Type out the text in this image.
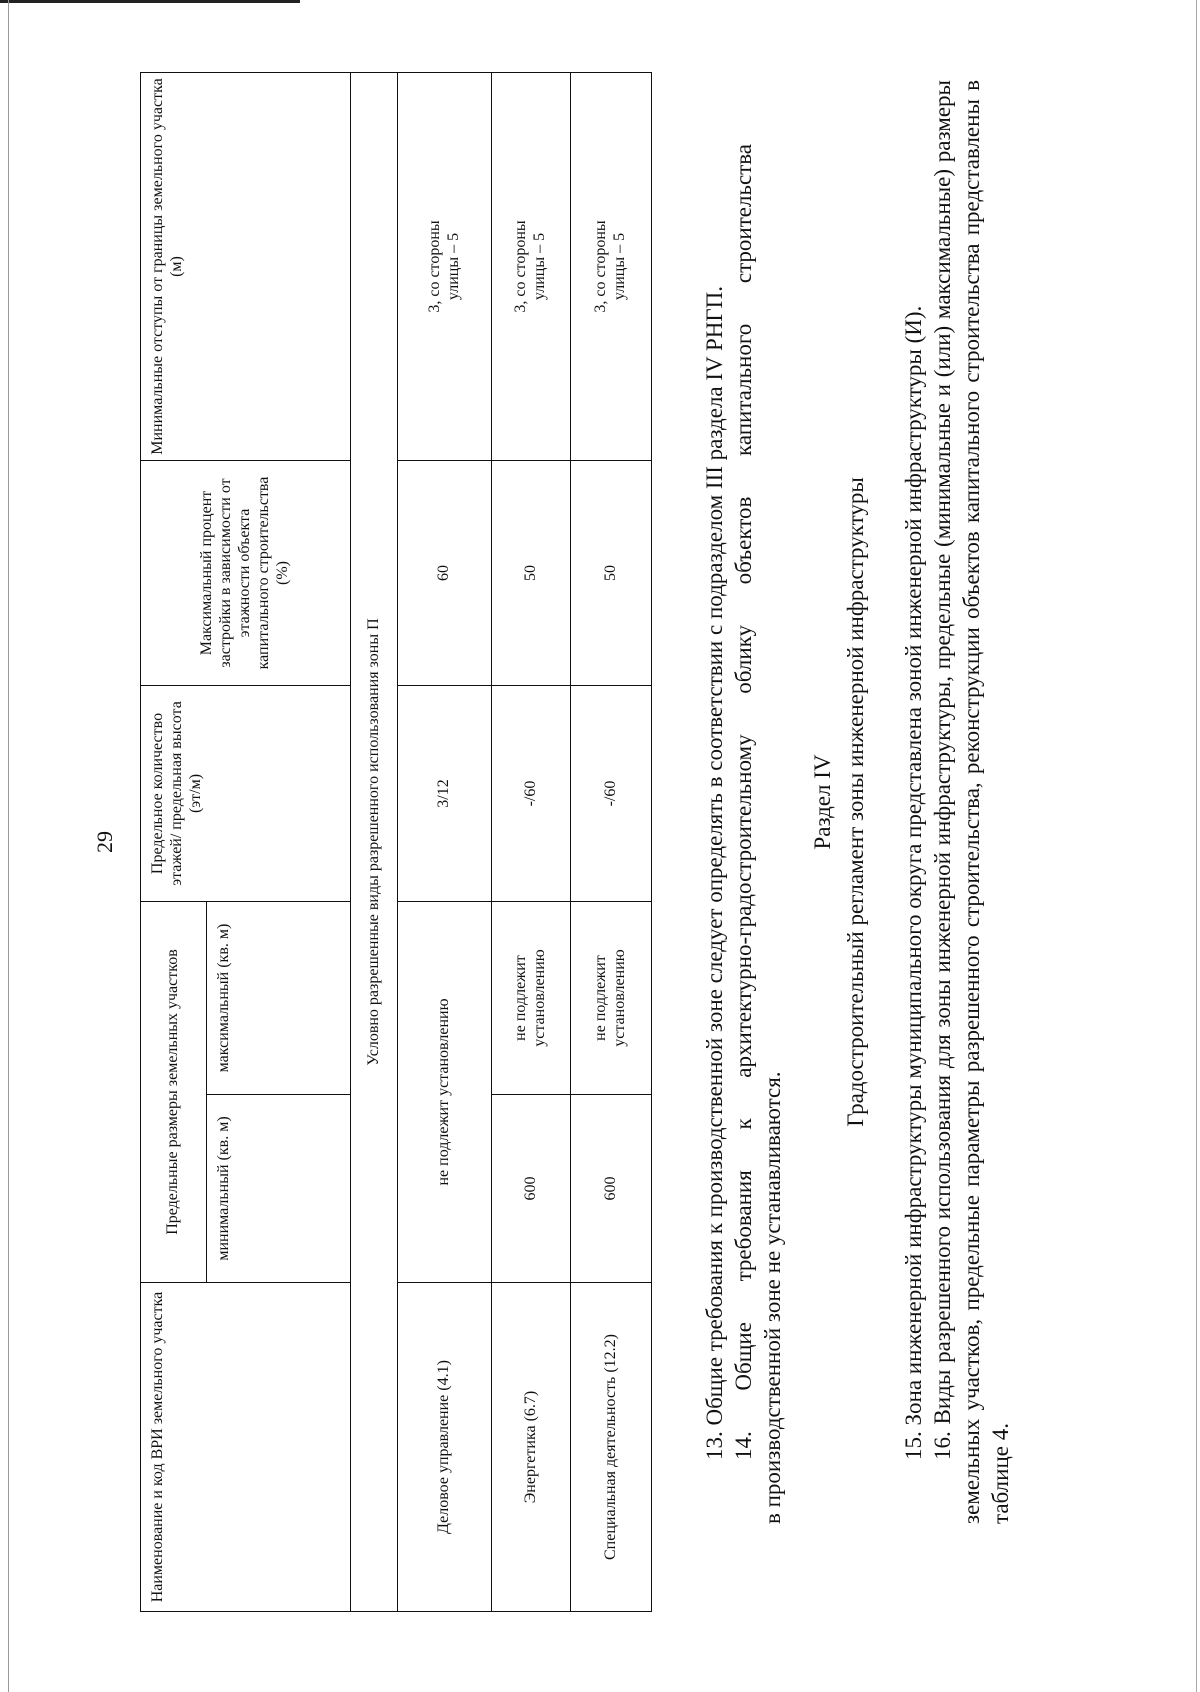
29
Наименование и код ВРИ земельного участка	Предельные размеры земельных участков		Предельное количество этажей/ предельная высота (эт/м)	Максимальный процент застройки в зависимости от этажности объекта капитального строительства (%)	Минимальные отступы от границы земельного участка (м)
	минимальный (кв. м)	максимальный (кв. м)			
Условно разрешенные виды разрешенного использования зоны П					
Деловое управление (4.1)	не подлежит установлению		3/12	60	3, со стороны улицы – 5

Энергетика (6.7)	600	не подлежит установлению	-/60	50	3, со стороны улицы – 5

Специальная деятельность (12.2)	600	не подлежит установлению	-/60	50	3, со стороны улицы – 5
13. Общие требования к производственной зоне следует определять в соответствии с подразделом III раздела IV РНГП. 14. Общие требования к архитектурно-градостроительному облику объектов капитального строительства в производственной зоне не устанавливаются.
Раздел IV Градостроительный регламент зоны инженерной инфраструктуры 15. Зона инженерной инфраструктуры муниципального округа представлена зоной инженерной инфраструктуры (И). 16. Виды разрешенного использования для зоны инженерной инфраструктуры, предельные (минимальные и (или) максимальные) размеры земельных участков, предельные параметры разрешенного строительства, реконструкции объектов капитального строительства представлены в таблице 4.
